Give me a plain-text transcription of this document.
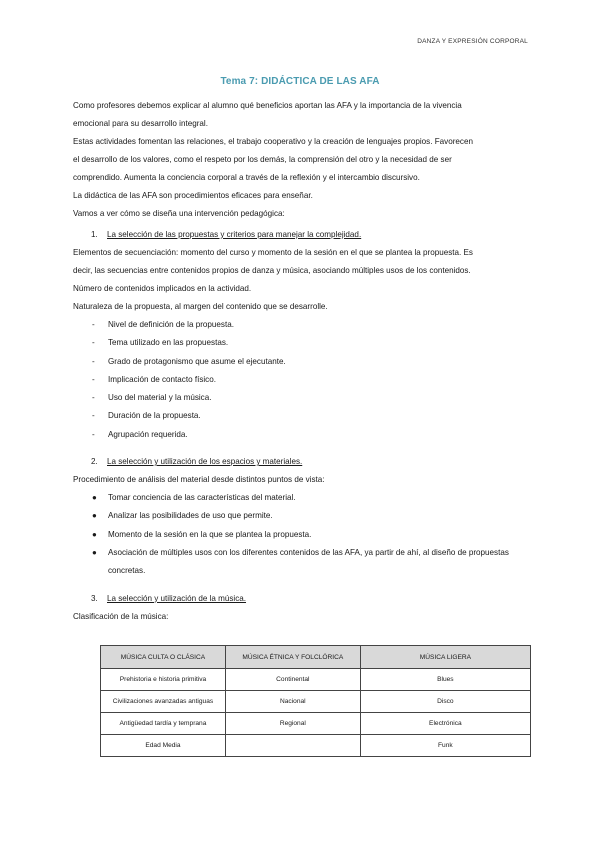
DANZA Y EXPRESIÓN CORPORAL
Tema 7: DIDÁCTICA DE LAS AFA
Como profesores debemos explicar al alumno qué beneficios aportan las AFA y la importancia de la vivencia
emocional para su desarrollo integral.
Estas actividades fomentan las relaciones, el trabajo cooperativo y la creación de lenguajes propios. Favorecen
el desarrollo de los valores, como el respeto por los demás, la comprensión del otro y la necesidad de ser
comprendido. Aumenta la conciencia corporal a través de la reflexión y el intercambio discursivo.
La didáctica de las AFA son procedimientos eficaces para enseñar.
Vamos a ver cómo se diseña una intervención pedagógica:
1. La selección de las propuestas y criterios para manejar la complejidad.
Elementos de secuenciación: momento del curso y momento de la sesión en el que se plantea la propuesta. Es
decir, las secuencias entre contenidos propios de danza y música, asociando múltiples usos de los contenidos.
Número de contenidos implicados en la actividad.
Naturaleza de la propuesta, al margen del contenido que se desarrolle.
- Nivel de definición de la propuesta.
- Tema utilizado en las propuestas.
- Grado de protagonismo que asume el ejecutante.
- Implicación de contacto físico.
- Uso del material y la música.
- Duración de la propuesta.
- Agrupación requerida.
2. La selección y utilización de los espacios y materiales.
Procedimiento de análisis del material desde distintos puntos de vista:
●	Tomar conciencia de las características del material.
●	Analizar las posibilidades de uso que permite.
●	Momento de la sesión en la que se plantea la propuesta.
●	Asociación de múltiples usos con los diferentes contenidos de las AFA, ya partir de ahí, al diseño de propuestas concretas.
3. La selección y utilización de la música.
Clasificación de la música:
MÚSICA CULTA O CLÁSICA	MÚSICA ÉTNICA Y FOLCLÓRICA	MÚSICA LIGERA
Prehistoria e historia primitiva	Continental	Blues
Civilizaciones avanzadas antiguas	Nacional	Disco
Antigüedad tardía y temprana	Regional	Electrónica
Edad Media		Funk
